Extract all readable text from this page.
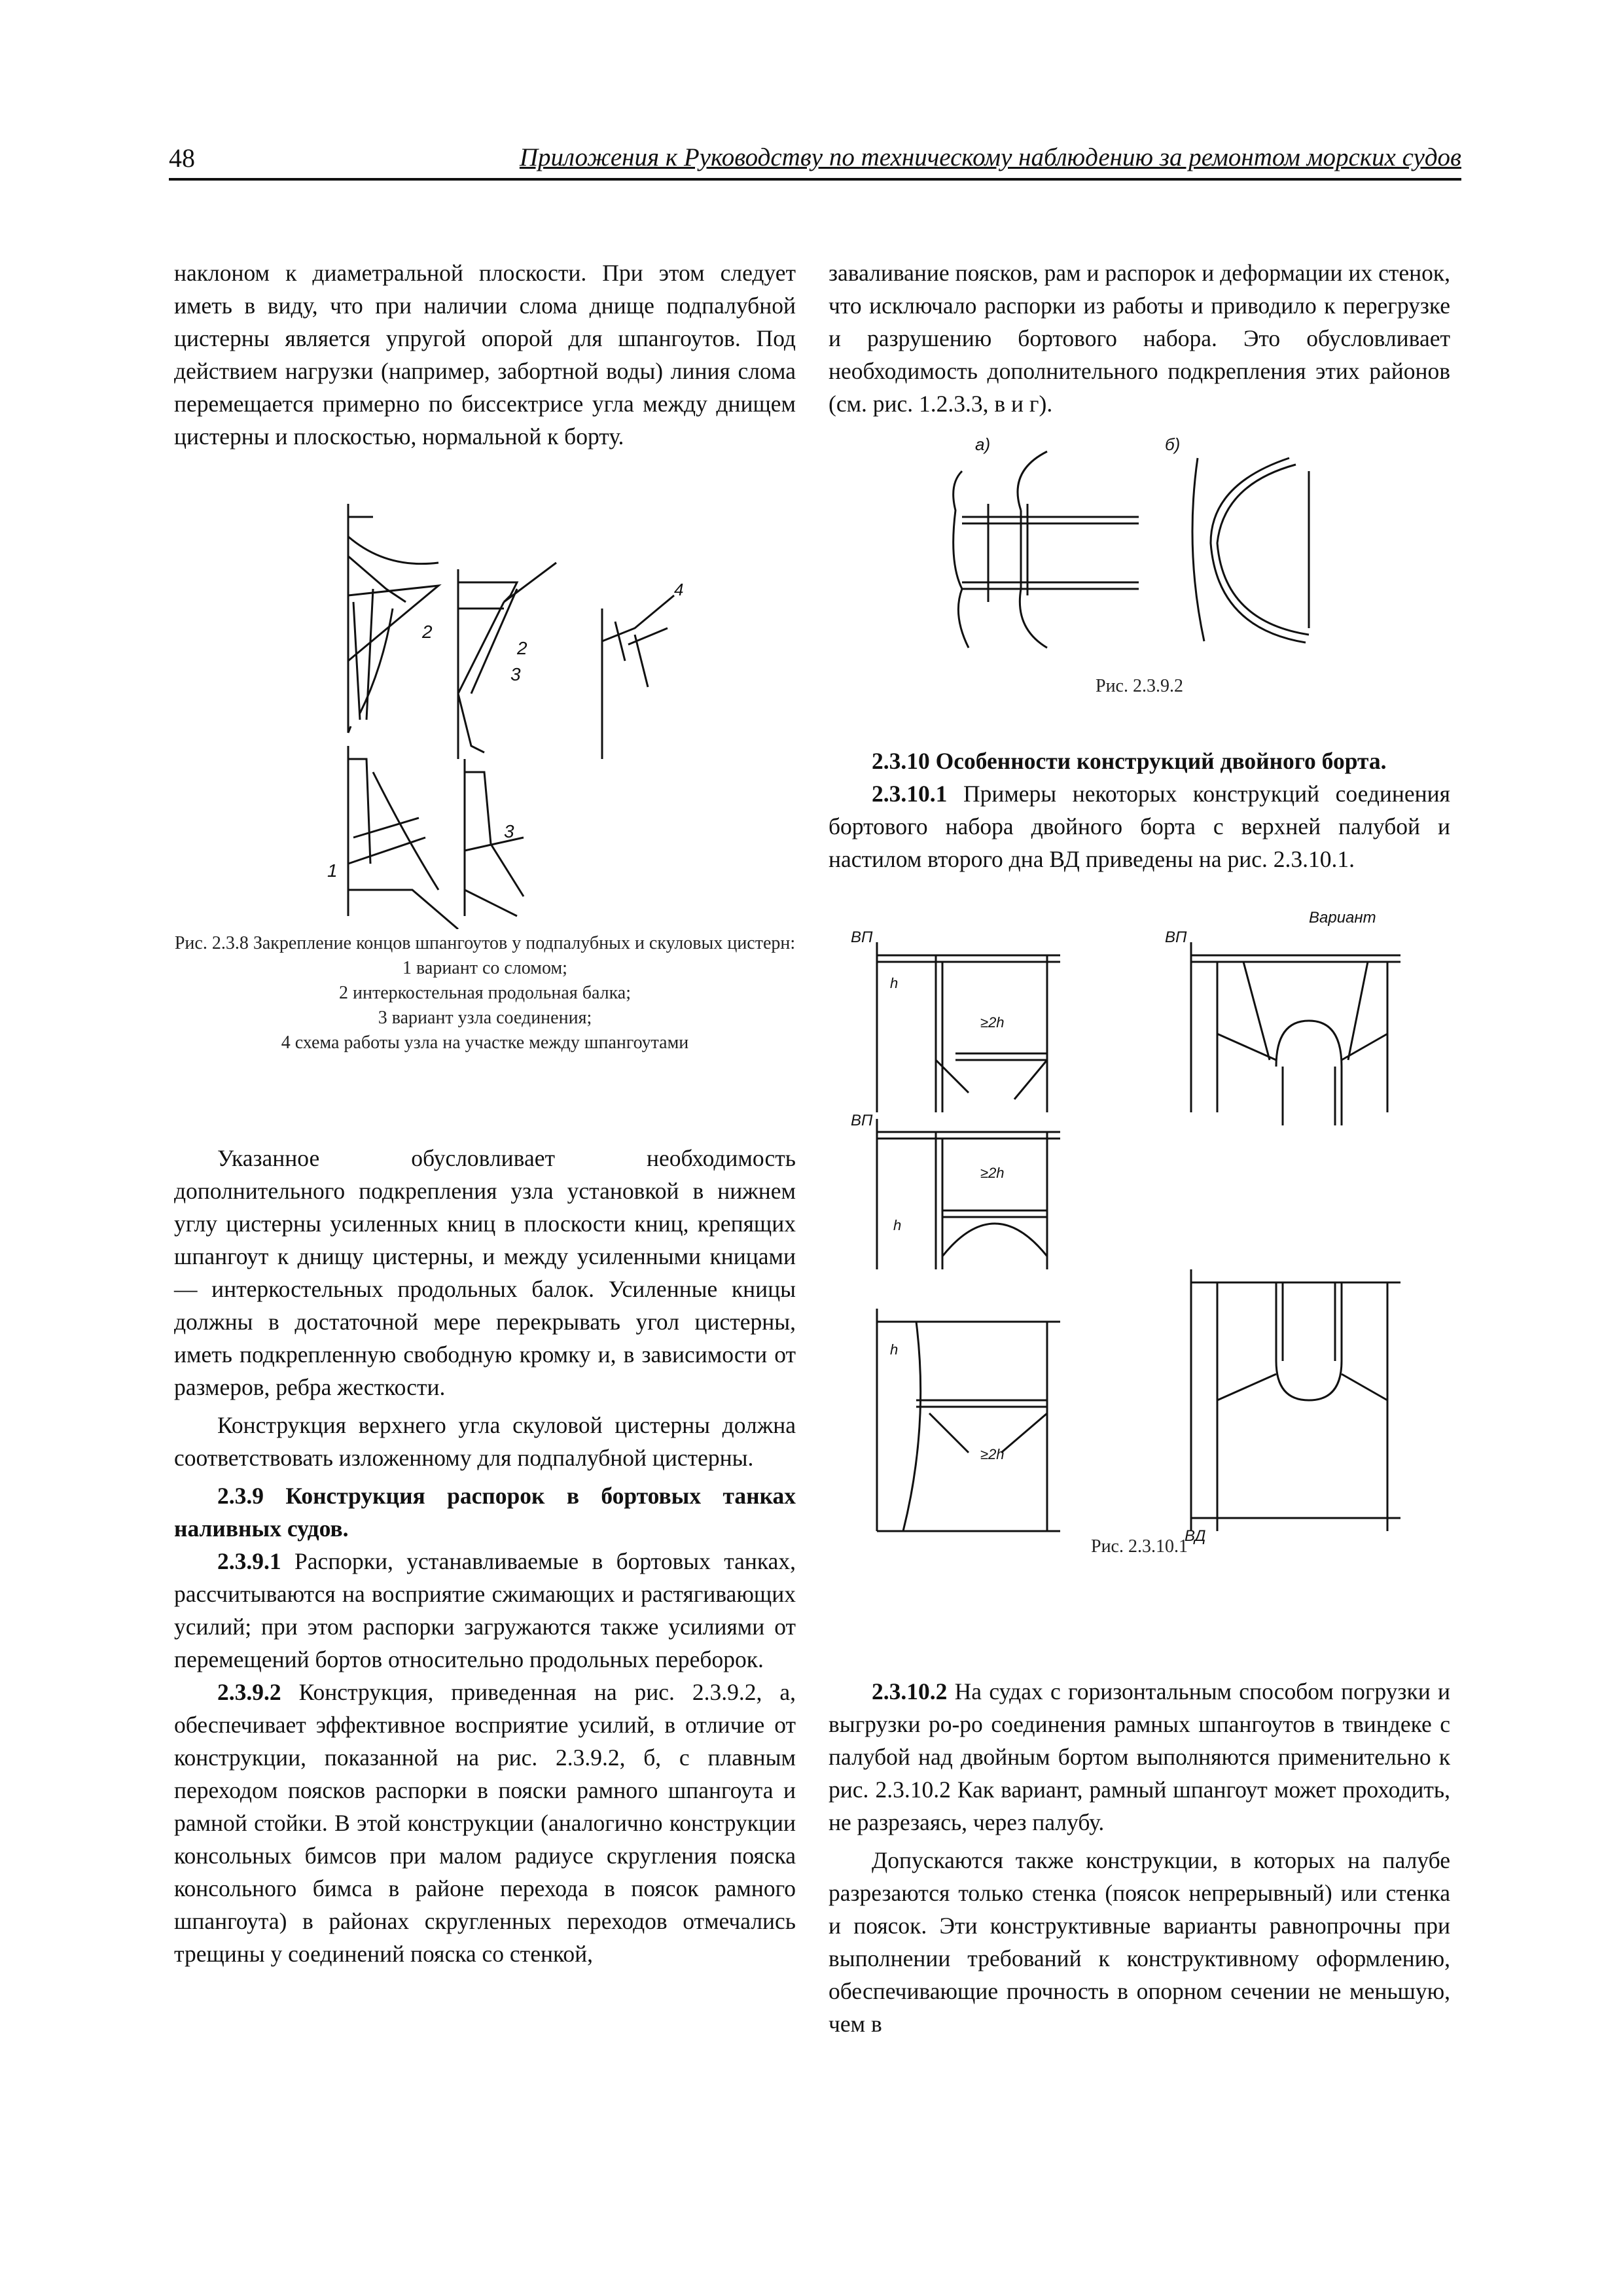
48	Приложения к Руководству по техническому наблюдению за ремонтом морских судов

наклоном к диаметральной плоскости. При этом следует иметь в виду, что при наличии слома днище подпалубной цистерны является упругой опорой для шпангоутов. Под действием нагрузки (например, забортной воды) линия слома перемещается примерно по биссектрисе угла между днищем цистерны и плоскостью, нормальной к борту.

2
2
3
4
1
3
Рис. 2.3.8 Закрепление концов шпангоутов у подпалубных и скуловых цистерн:
1 вариант со сломом;
2 интеркостельная продольная балка;
3 вариант узла соединения;
4 схема работы узла на участке между шпангоутами

Указанное обусловливает необходимость дополнительного подкрепления узла установкой в нижнем углу цистерны усиленных книц в плоскости книц, крепящих шпангоут к днищу цистерны, и между усиленными кницами — интеркостельных продольных балок. Усиленные кницы должны в достаточной мере перекрывать угол цистерны, иметь подкрепленную свободную кромку и, в зависимости от размеров, ребра жесткости.

Конструкция верхнего угла скуловой цистерны должна соответствовать изложенному для подпалубной цистерны.

2.3.9 Конструкция распорок в бортовых танках наливных судов.

2.3.9.1 Распорки, устанавливаемые в бортовых танках, рассчитываются на восприятие сжимающих и растягивающих усилий; при этом распорки загружаются также усилиями от перемещений бортов относительно продольных переборок.

2.3.9.2 Конструкция, приведенная на рис. 2.3.9.2, а, обеспечивает эффективное восприятие усилий, в отличие от конструкции, показанной на рис. 2.3.9.2, б, с плавным переходом поясков распорки в пояски рамного шпангоута и рамной стойки. В этой конструкции (аналогично конструкции консольных бимсов при малом радиусе скругления пояска консольного бимса в районе перехода в поясок рамного шпангоута) в районах скругленных переходов отмечались трещины у соединений пояска со стенкой,

заваливание поясков, рам и распорок и деформации их стенок, что исключало распорки из работы и приводило к перегрузке и разрушению бортового набора. Это обусловливает необходимость дополнительного подкрепления этих районов (см. рис. 1.2.3.3, в и г).

а)	б)
Рис. 2.3.9.2

2.3.10 Особенности конструкций двойного борта.

2.3.10.1 Примеры некоторых конструкций соединения бортового набора двойного борта с верхней палубой и настилом второго дна ВД приведены на рис. 2.3.10.1.

Вариант
ВП	ВП
ВП
ВД
h
≥2h
≥2h
h
h
≥2h
Рис. 2.3.10.1

2.3.10.2 На судах с горизонтальным способом погрузки и выгрузки ро-ро соединения рамных шпангоутов в твиндеке с палубой над двойным бортом выполняются применительно к рис. 2.3.10.2 Как вариант, рамный шпангоут может проходить, не разрезаясь, через палубу.

Допускаются также конструкции, в которых на палубе разрезаются только стенка (поясок непрерывный) или стенка и поясок. Эти конструктивные варианты равнопрочны при выполнении требований к конструктивному оформлению, обеспечивающие прочность в опорном сечении не меньшую, чем в
